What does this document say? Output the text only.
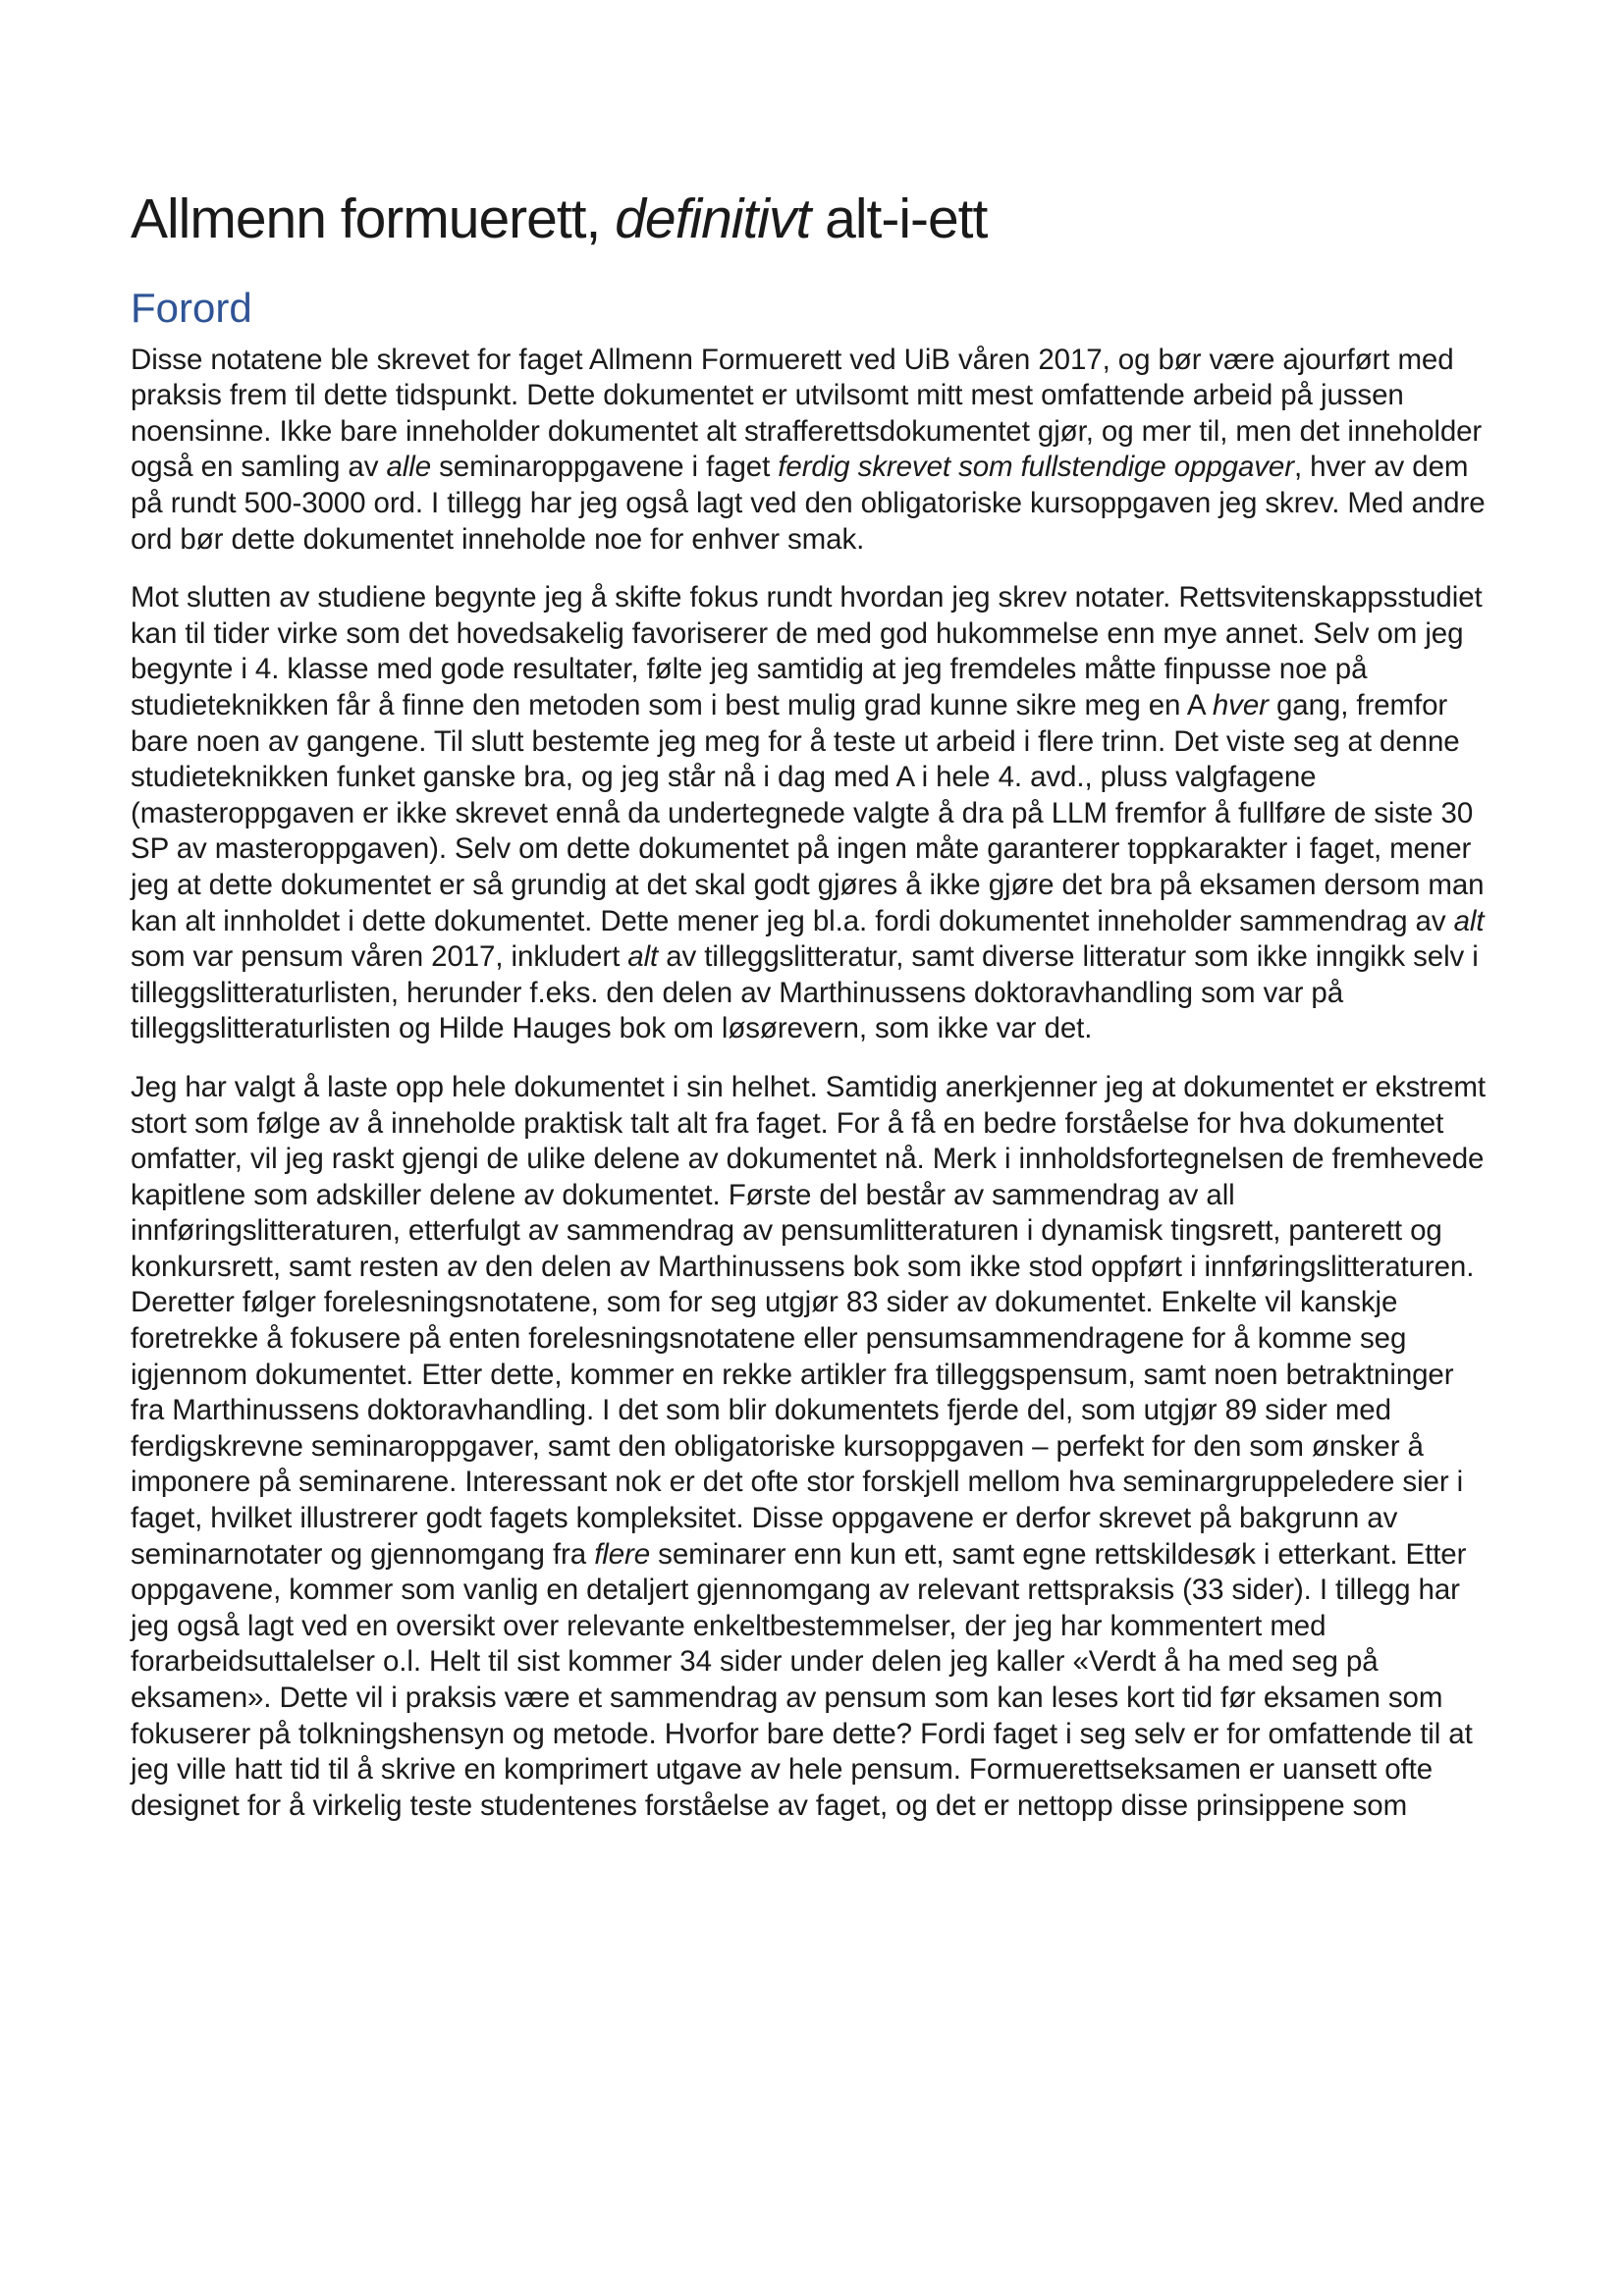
Allmenn formuerett, definitivt alt-i-ett
Forord

Disse notatene ble skrevet for faget Allmenn Formuerett ved UiB våren 2017, og bør være ajourført med praksis frem til dette tidspunkt. Dette dokumentet er utvilsomt mitt mest omfattende arbeid på jussen noensinne. Ikke bare inneholder dokumentet alt strafferettsdokumentet gjør, og mer til, men det inneholder også en samling av alle seminaroppgavene i faget ferdig skrevet som fullstendige oppgaver, hver av dem på rundt 500-3000 ord. I tillegg har jeg også lagt ved den obligatoriske kursoppgaven jeg skrev. Med andre ord bør dette dokumentet inneholde noe for enhver smak.

Mot slutten av studiene begynte jeg å skifte fokus rundt hvordan jeg skrev notater. Rettsvitenskappsstudiet kan til tider virke som det hovedsakelig favoriserer de med god hukommelse enn mye annet. Selv om jeg begynte i 4. klasse med gode resultater, følte jeg samtidig at jeg fremdeles måtte finpusse noe på studieteknikken får å finne den metoden som i best mulig grad kunne sikre meg en A hver gang, fremfor bare noen av gangene. Til slutt bestemte jeg meg for å teste ut arbeid i flere trinn. Det viste seg at denne studieteknikken funket ganske bra, og jeg står nå i dag med A i hele 4. avd., pluss valgfagene (masteroppgaven er ikke skrevet ennå da undertegnede valgte å dra på LLM fremfor å fullføre de siste 30 SP av masteroppgaven). Selv om dette dokumentet på ingen måte garanterer toppkarakter i faget, mener jeg at dette dokumentet er så grundig at det skal godt gjøres å ikke gjøre det bra på eksamen dersom man kan alt innholdet i dette dokumentet. Dette mener jeg bl.a. fordi dokumentet inneholder sammendrag av alt som var pensum våren 2017, inkludert alt av tilleggslitteratur, samt diverse litteratur som ikke inngikk selv i tilleggslitteraturlisten, herunder f.eks. den delen av Marthinussens doktoravhandling som var på tilleggslitteraturlisten og Hilde Hauges bok om løsørevern, som ikke var det.

Jeg har valgt å laste opp hele dokumentet i sin helhet. Samtidig anerkjenner jeg at dokumentet er ekstremt stort som følge av å inneholde praktisk talt alt fra faget. For å få en bedre forståelse for hva dokumentet omfatter, vil jeg raskt gjengi de ulike delene av dokumentet nå. Merk i innholdsfortegnelsen de fremhevede kapitlene som adskiller delene av dokumentet. Første del består av sammendrag av all innføringslitteraturen, etterfulgt av sammendrag av pensumlitteraturen i dynamisk tingsrett, panterett og konkursrett, samt resten av den delen av Marthinussens bok som ikke stod oppført i innføringslitteraturen. Deretter følger forelesningsnotatene, som for seg utgjør 83 sider av dokumentet. Enkelte vil kanskje foretrekke å fokusere på enten forelesningsnotatene eller pensumsammendragene for å komme seg igjennom dokumentet. Etter dette, kommer en rekke artikler fra tilleggspensum, samt noen betraktninger fra Marthinussens doktoravhandling. I det som blir dokumentets fjerde del, som utgjør 89 sider med ferdigskrevne seminaroppgaver, samt den obligatoriske kursoppgaven – perfekt for den som ønsker å imponere på seminarene. Interessant nok er det ofte stor forskjell mellom hva seminargruppeledere sier i faget, hvilket illustrerer godt fagets kompleksitet. Disse oppgavene er derfor skrevet på bakgrunn av seminarnotater og gjennomgang fra flere seminarer enn kun ett, samt egne rettskildesøk i etterkant. Etter oppgavene, kommer som vanlig en detaljert gjennomgang av relevant rettspraksis (33 sider). I tillegg har jeg også lagt ved en oversikt over relevante enkeltbestemmelser, der jeg har kommentert med forarbeidsuttalelser o.l. Helt til sist kommer 34 sider under delen jeg kaller «Verdt å ha med seg på eksamen». Dette vil i praksis være et sammendrag av pensum som kan leses kort tid før eksamen som fokuserer på tolkningshensyn og metode. Hvorfor bare dette? Fordi faget i seg selv er for omfattende til at jeg ville hatt tid til å skrive en komprimert utgave av hele pensum. Formuerettseksamen er uansett ofte designet for å virkelig teste studentenes forståelse av faget, og det er nettopp disse prinsippene som
